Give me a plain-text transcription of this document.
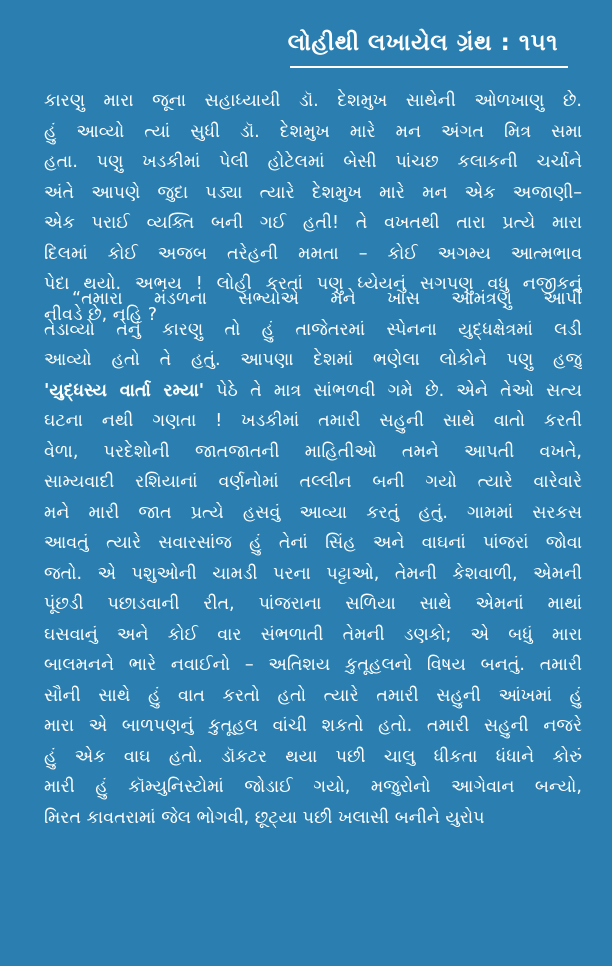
લોહીથી લખાયેલ ગ્રંથ : ૧૫૧
કારણુ મારા જૂના સહાધ્યાયી ડૉ. દેશમુખ સાથેની ઓળખાણુ છે.
હું આવ્યો ત્યાં સુધી ડૉ. દેશમુખ મારે મન અંગત મિત્ર સમા
હતા. પણુ ખડકીમાં પેલી હોટેલમાં બેસી પાંચછ કલાકની ચર્ચાને
અંતે આપણે જુદા પડ્યા ત્યારે દેશમુખ મારે મન એક અજાણી–
એક પરાઈ વ્યક્તિ બની ગઈ હતી! તે વખતથી તારા પ્રત્યે મારા
દિલમાં કોઈ અજબ તરેહની મમતા – કોઈ અગમ્ય આત્મભાવ
પેદા થયો. અભય ! લોહી કરતાં પણુ ધ્યેયનું સગપણુ વધુ નજીકનું
નીવડે છે, નહિ ?
“તમારા મંડળના સભ્યોએ મને ખાસ આમંત્રણુ આપી
તેડાવ્યો તેનું કારણુ તો હું તાજેતરમાં સ્પેનના યુદ્ધક્ષેત્રમાં લડી
આવ્યો હતો તે હતું. આપણા દેશમાં ભણેલા લોકોને પણુ હજુ
'યુદ્ધસ્ય વાર્તા રમ્યા' પેઠે તે માત્ર સાંભળવી ગમે છે. એને તેઓ સત્ય
ઘટના નથી ગણતા ! ખડકીમાં તમારી સહુની સાથે વાતો કરતી
વેળા, પરદેશોની જાતજાતની માહિતીઓ તમને આપતી વખતે,
સામ્યવાદી રશિયાનાં વર્ણનોમાં તલ્લીન બની ગયો ત્યારે વારેવારે
મને મારી જાત પ્રત્યે હસવું આવ્યા કરતું હતું. ગામમાં સરકસ
આવતું ત્યારે સવારસાંજ હું તેનાં સિંહ અને વાઘનાં પાંજરાં જોવા
જતો. એ પશુઓની ચામડી પરના પટ્ટાઓ, તેમની કેશવાળી, એમની
પૂંછડી પછાડવાની રીત, પાંજરાના સળિયા સાથે એમનાં માથાં
ઘસવાનું અને કોઈ વાર સંભળાતી તેમની ડણકો; એ બધું મારા
બાલમનને ભારે નવાઈનો – અતિશય કુતૂહલનો વિષય બનતું. તમારી
સૌની સાથે હું વાત કરતો હતો ત્યારે તમારી સહુની આંખમાં હું
મારા એ બાળપણનું કુતૂહલ વાંચી શકતો હતો. તમારી સહુની નજરે
હું એક વાઘ હતો. ડૉકટર થયા પછી ચાલુ ધીકતા ધંધાને કોરું
મારી હું કૉમ્યુનિસ્ટોમાં જોડાઈ ગયો, મજુરોનો આગેવાન બન્યો,
મિરત કાવતરામાં જેલ ભોગવી, છૂટ્યા પછી ખલાસી બનીને યુરોપ
